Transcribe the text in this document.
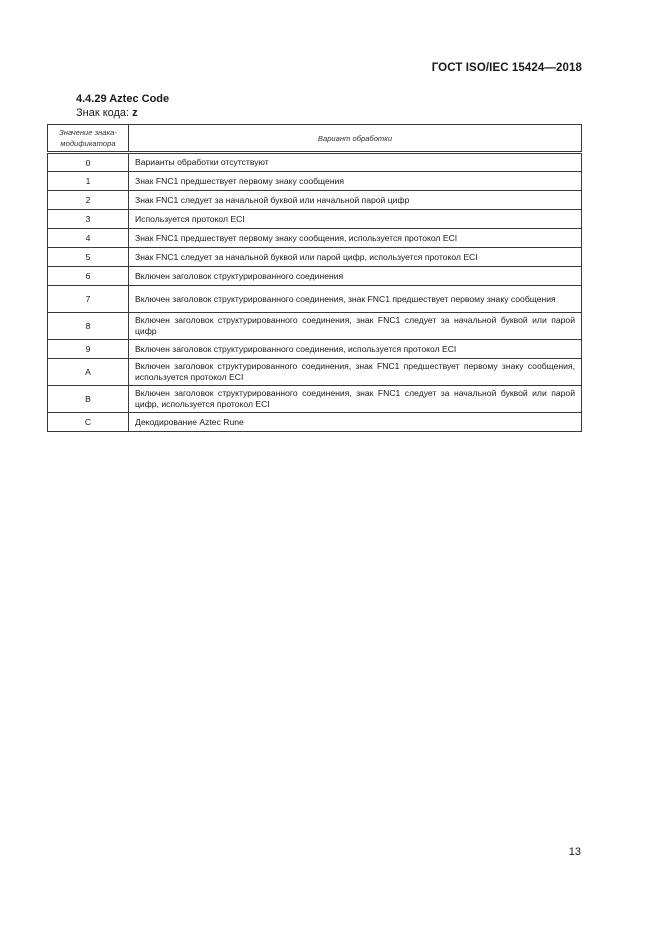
ГОСТ ISO/IEC 15424—2018
4.4.29 Aztec Code
Знак кода: z
Значение знака-модификатора	Вариант обработки
0	Варианты обработки отсутствуют
1	Знак FNC1 предшествует первому знаку сообщения
2	Знак FNC1 следует за начальной буквой или начальной парой цифр
3	Используется протокол ECI
4	Знак FNC1 предшествует первому знаку сообщения, используется протокол ECI
5	Знак FNC1 следует за начальной буквой или парой цифр, используется протокол ECI
6	Включен заголовок структурированного соединения
7	Включен заголовок структурированного соединения, знак FNC1 предшествует первому знаку сообщения
8	Включен заголовок структурированного соединения, знак FNC1 следует за начальной буквой или парой цифр
9	Включен заголовок структурированного соединения, используется протокол ECI
A	Включен заголовок структурированного соединения, знак FNC1 предшествует первому знаку сообщения, используется протокол ECI
B	Включен заголовок структурированного соединения, знак FNC1 следует за начальной буквой или парой цифр, используется протокол ECI
C	Декодирование Aztec Rune
13
